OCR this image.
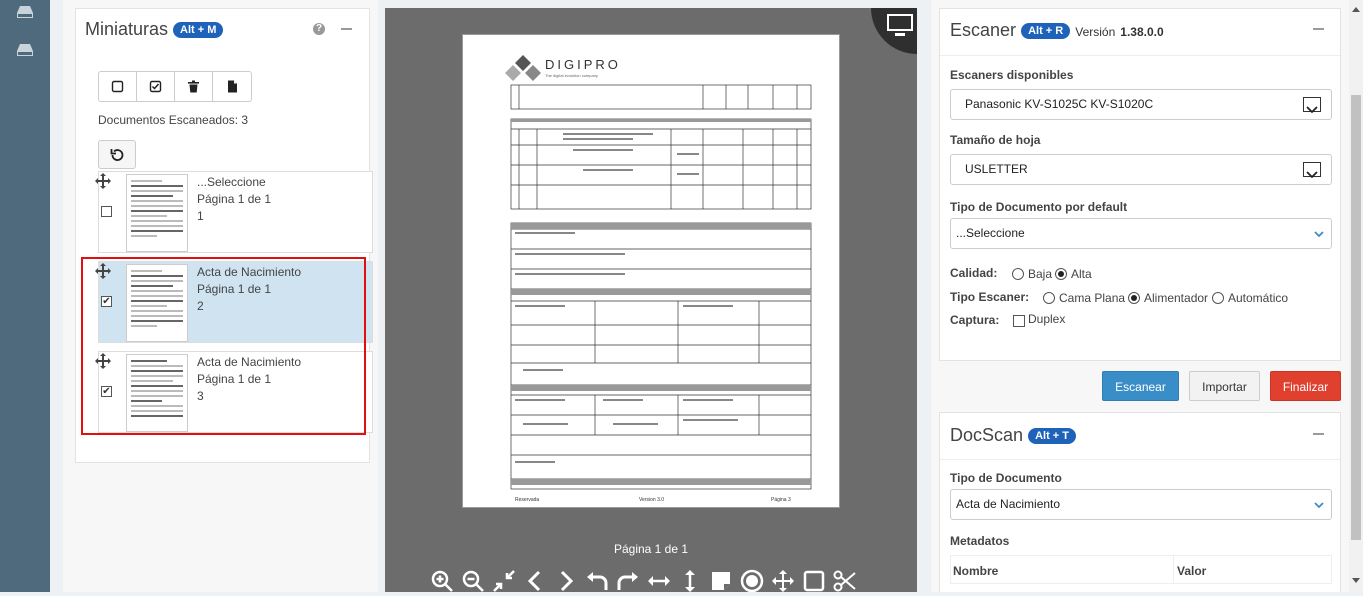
Miniaturas Alt + M	?
Documentos Escaneados: 3
...Seleccione
Página 1 de 1
1
✔
Acta de Nacimiento
Página 1 de 1
2
✔
Acta de Nacimiento
Página 1 de 1
3
DIGIPRO
The digital evolution company
Reservada	Version 3.0	Página 3
Página 1 de 1
Escaner Alt + R Versión 1.38.0.0
Escaners disponibles
Panasonic KV-S1025C KV-S1020C
Tamaño de hoja
USLETTER
Tipo de Documento por default
...Seleccione
Calidad:	Baja Alta
Tipo Escaner: Cama Plana Alimentador Automático
Captura: Duplex
Escanear	Importar	Finalizar
DocScan Alt + T
Tipo de Documento
Acta de Nacimiento
Metadatos
Nombre	Valor
